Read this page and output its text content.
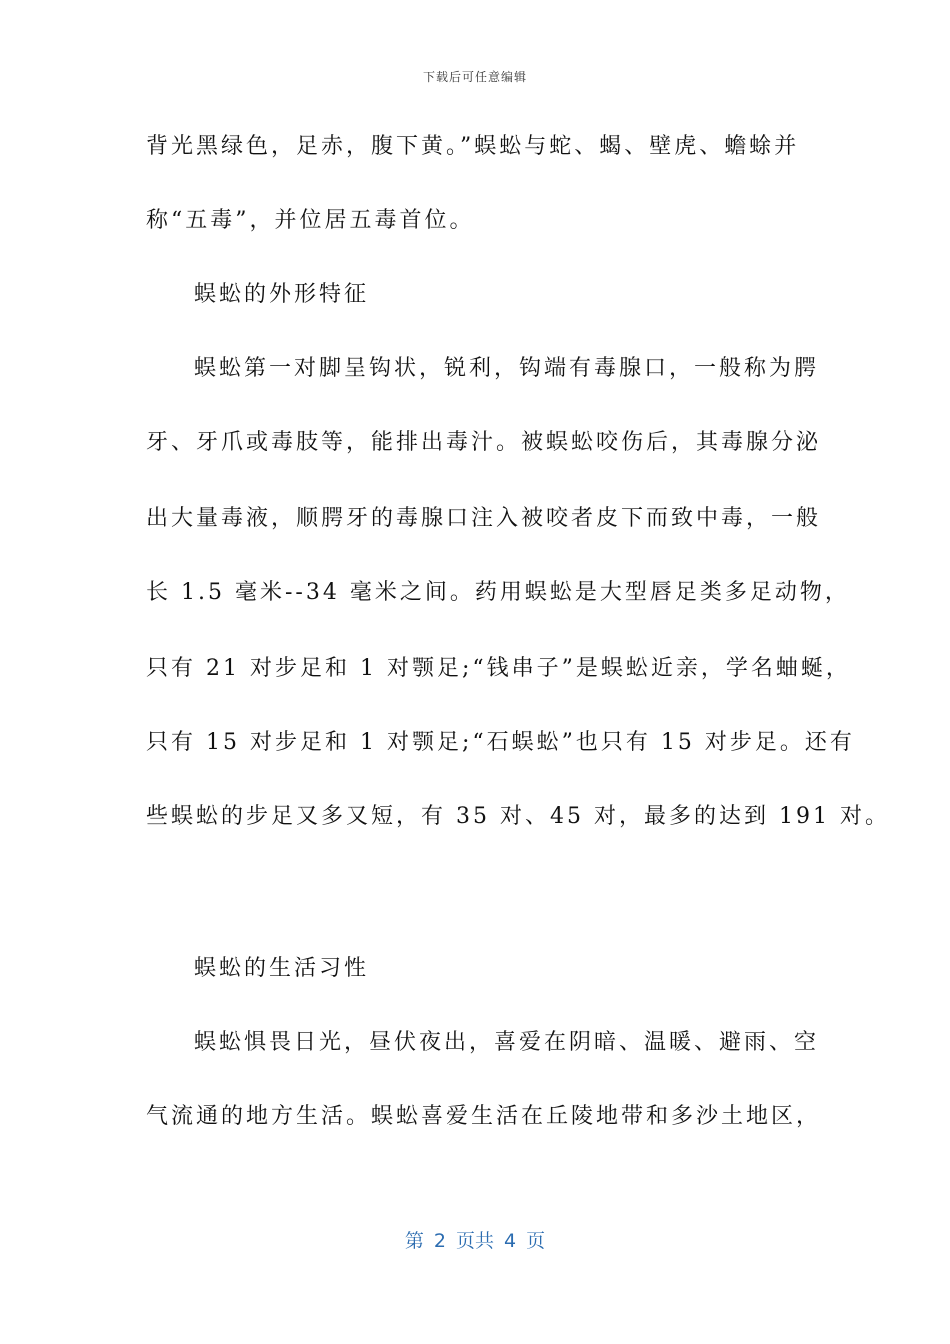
下载后可任意编辑
背光黑绿色，足赤，腹下黄。”蜈蚣与蛇、蝎、壁虎、蟾蜍并
称“五毒”，并位居五毒首位。
蜈蚣的外形特征
蜈蚣第一对脚呈钩状，锐利，钩端有毒腺口，一般称为腭
牙、牙爪或毒肢等，能排出毒汁。被蜈蚣咬伤后，其毒腺分泌
出大量毒液，顺腭牙的毒腺口注入被咬者皮下而致中毒，一般
长 1.5 毫米--34 毫米之间。药用蜈蚣是大型唇足类多足动物，
只有 21 对步足和 1 对颚足;“钱串子”是蜈蚣近亲，学名蚰蜒，
只有 15 对步足和 1 对颚足;“石蜈蚣”也只有 15 对步足。还有
些蜈蚣的步足又多又短，有 35 对、45 对，最多的达到 191 对。
蜈蚣的生活习性
蜈蚣惧畏日光，昼伏夜出，喜爱在阴暗、温暖、避雨、空
气流通的地方生活。蜈蚣喜爱生活在丘陵地带和多沙土地区，
第 2 页共 4 页
